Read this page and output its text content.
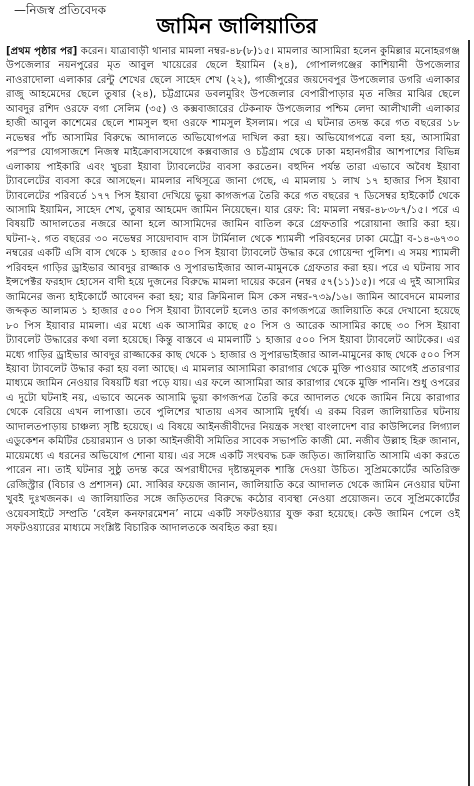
—নিজস্ব প্রতিবেদক
জামিন জালিয়াতির

[প্রথম পৃষ্ঠার পর] করেন। যাত্রাবাড়ী থানার মামলা নম্বর-৪৮(৮)১৫। মামলার আসামিরা হলেন কুমিল্লার মনোহরগঞ্জ উপজেলার নয়নপুরের মৃত আবুল খায়েরের ছেলে ইয়ামিন (২৪), গোপালগঞ্জের কাশিয়ানী উপজেলার নাওরাদোলা এলাকার রেন্টু শেখের ছেলে সাহেদ শেখ (২২), গাজীপুরের জয়দেবপুর উপজেলার ডগরি এলাকার রাজু আহমেদের ছেলে তুষার (২৪), চট্টগ্রামের ডবলমুরিং উপজেলার বেপারীপাড়ার মৃত নজির মাঝির ছেলে আবদুর রশিদ ওরফে বগা সেলিম (৩৫) ও কক্সবাজারের টেকনাফ উপজেলার পশ্চিম লেদা আলীখালী এলাকার হাজী আবুল কাশেমের ছেলে শামসুল হুদা ওরফে শামসুল ইসলাম। পরে এ ঘটনার তদন্ত করে গত বছরের ১৮ নভেম্বর পাঁচ আসামির বিরুদ্ধে আদালতে অভিযোগপত্র দাখিল করা হয়। অভিযোগপত্রে বলা হয়, আসামিরা পরস্পর যোগসাজশে নিজস্ব মাইক্রোবাসযোগে কক্সবাজার ও চট্টগ্রাম থেকে ঢাকা মহানগরীর আশপাশের বিভিন্ন এলাকায় পাইকারি এবং খুচরা ইয়াবা ট্যাবলেটের ব্যবসা করতেন। বহুদিন পর্যন্ত তারা এভাবে অবৈধ ইয়াবা ট্যাবলেটের ব্যবসা করে আসছেন। মামলার নথিসূত্রে জানা গেছে, এ মামলায় ১ লাখ ১৭ হাজার পিস ইয়াবা ট্যাবলেটের পরিবর্তে ১৭৭ পিস ইয়াবা দেখিয়ে ভুয়া কাগজপত্র তৈরি করে গত বছরের ৭ ডিসেম্বর হাইকোর্ট থেকে আসামি ইয়ামিন, সাহেদ শেখ, তুষার আহমেদ জামিন নিয়েছেন। যার রেফ: বি: মামলা নম্বর-৪৮৩৮৭/১৫। পরে এ বিষয়টি আদালতের নজরে আনা হলে আসামিদের জামিন বাতিল করে গ্রেফতারি পরোয়ানা জারি করা হয়। ঘটনা-২. গত বছরের ৩০ নভেম্বর সায়েদাবাদ বাস টার্মিনাল থেকে শ্যামলী পরিবহনের ঢাকা মেট্রো ব-১৪-৬৭৩০ নম্বরের একটি এসি বাস থেকে ১ হাজার ৫০০ পিস ইয়াবা ট্যাবলেট উদ্ধার করে গোয়েন্দা পুলিশ। এ সময় শ্যামলী পরিবহন গাড়ির ড্রাইভার আবদুর রাজ্জাক ও সুপারভাইজার আল-মামুনকে গ্রেফতার করা হয়। পরে এ ঘটনায় সাব ইন্সপেক্টর ফরহাদ হোসেন বাদী হয়ে দুজনের বিরুদ্ধে মামলা দায়ের করেন (নম্বর ৫৭(১১)১৫)। পরে এ দুই আসামির জামিনের জন্য হাইকোর্টে আবেদন করা হয়; যার ক্রিমিনাল মিস কেস নম্বর-৭৩৯/১৬। জামিন আবেদনে মামলার জব্দকৃত আলামত ১ হাজার ৫০০ পিস ইয়াবা ট্যাবলেট হলেও তার কাগজপত্রে জালিয়াতি করে দেখানো হয়েছে ৮০ পিস ইয়াবার মামলা। এর মধ্যে এক আসামির কাছে ৫০ পিস ও আরেক আসামির কাছে ৩০ পিস ইয়াবা ট্যাবলেট উদ্ধারের কথা বলা হয়েছে। কিন্তু বাস্তবে এ মামলাটি ১ হাজার ৫০০ পিস ইয়াবা ট্যাবলেট আটকের। এর মধ্যে গাড়ির ড্রাইভার আবদুর রাজ্জাকের কাছ থেকে ১ হাজার ও সুপারভাইজার আল-মামুনের কাছ থেকে ৫০০ পিস ইয়াবা ট্যাবলেট উদ্ধার করা হয় বলা আছে। এ মামলার আসামিরা কারাগার থেকে মুক্তি পাওয়ার আগেই প্রতারণার মাধ্যমে জামিন নেওয়ার বিষয়টি ধরা পড়ে যায়। এর ফলে আসামিরা আর কারাগার থেকে মুক্তি পাননি। শুধু ওপরের এ দুটো ঘটনাই নয়, এভাবে অনেক আসামি ভুয়া কাগজপত্র তৈরি করে আদালত থেকে জামিন নিয়ে কারাগার থেকে বেরিয়ে এখন লাপাত্তা। তবে পুলিশের খাতায় এসব আসামি দুর্ধর্ষ। এ রকম বিরল জালিয়াতির ঘটনায় আদালতপাড়ায় চাঞ্চল্য সৃষ্টি হয়েছে। এ বিষয়ে আইনজীবীদের নিয়ন্ত্রক সংস্থা বাংলাদেশ বার কাউন্সিলের লিগ্যাল এডুকেশন কমিটির চেয়ারম্যান ও ঢাকা আইনজীবী সমিতির সাবেক সভাপতি কাজী মো. নজীব উল্লাহ হিরু জানান, মায়েমধ্যে এ ধরনের অভিযোগ শোনা যায়। এর সঙ্গে একটি সংঘবদ্ধ চক্র জড়িত। জালিয়াতি আসামি একা করতে পারেন না। তাই ঘটনার সুষ্ঠু তদন্ত করে অপরাধীদের দৃষ্টান্তমূলক শাস্তি দেওয়া উচিত। সুপ্রিমকোর্টের অতিরিক্ত রেজিস্ট্রার (বিচার ও প্রশাসন) মো. সাব্বির ফয়েজ জানান, জালিয়াতি করে আদালত থেকে জামিন নেওয়ার ঘটনা খুবই দুঃখজনক। এ জালিয়াতির সঙ্গে জড়িতদের বিরুদ্ধে কঠোর ব্যবস্থা নেওয়া প্রয়োজন। তবে সুপ্রিমকোর্টের ওয়েবসাইটে সম্প্রতি ‘বেইল কনফারমেশন’ নামে একটি সফটওয়্যার যুক্ত করা হয়েছে। কেউ জামিন পেলে ওই সফটওয়্যারের মাধ্যমে সংশ্লিষ্ট বিচারিক আদালতকে অবহিত করা হয়।
